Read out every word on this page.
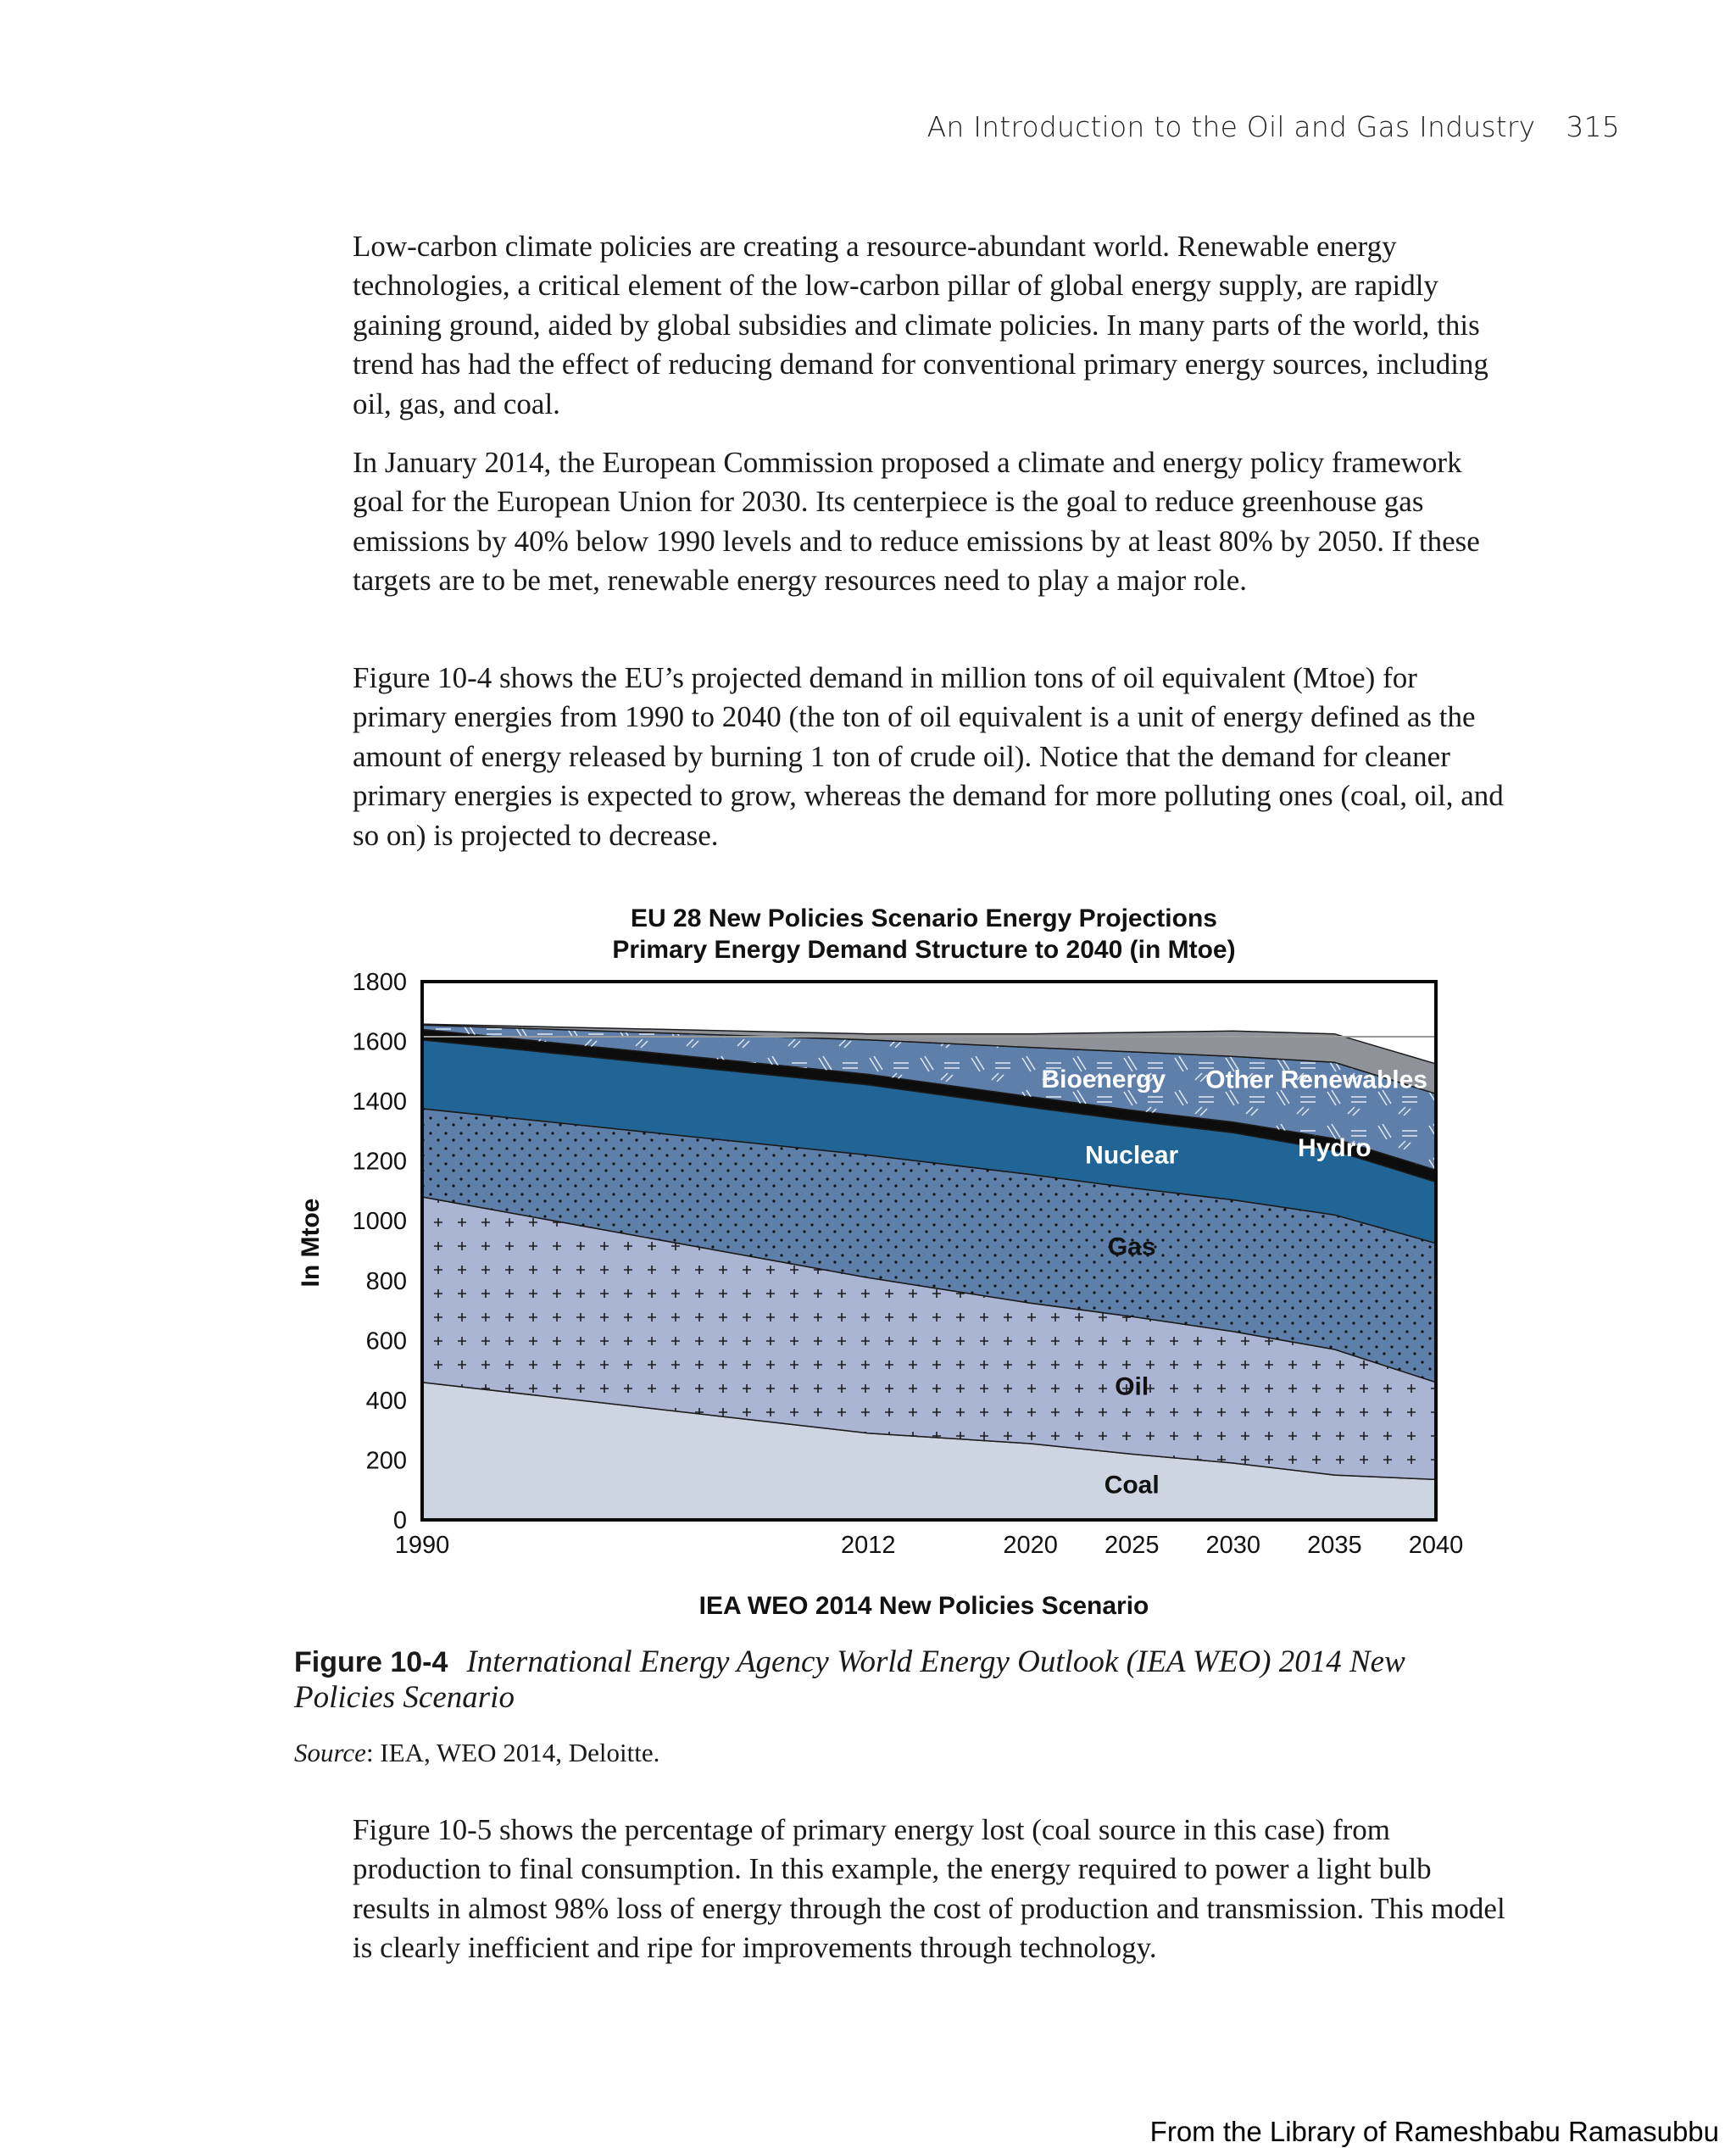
An Introduction to the Oil and Gas Industry 315

Low-carbon climate policies are creating a resource-abundant world. Renewable energy technologies, a critical element of the low-carbon pillar of global energy supply, are rapidly gaining ground, aided by global subsidies and climate policies. In many parts of the world, this trend has had the effect of reducing demand for conventional primary energy sources, including oil, gas, and coal.

In January 2014, the European Commission proposed a climate and energy policy framework goal for the European Union for 2030. Its centerpiece is the goal to reduce greenhouse gas emissions by 40% below 1990 levels and to reduce emissions by at least 80% by 2050. If these targets are to be met, renewable energy resources need to play a major role.

Figure 10-4 shows the EU’s projected demand in million tons of oil equivalent (Mtoe) for primary energies from 1990 to 2040 (the ton of oil equivalent is a unit of energy defined as the amount of energy released by burning 1 ton of crude oil). Notice that the demand for cleaner primary energies is expected to grow, whereas the demand for more polluting ones (coal, oil, and so on) is projected to decrease.

EU 28 New Policies Scenario Energy Projections
Primary Energy Demand Structure to 2040 (in Mtoe)
0
200
400
600
800
1000
1200
1400
1600
1800
1990	2012	2020 2025 2030 2035 2040
Coal
Oil
Gas
Nuclear	Hydro
Bioenergy Other Renewables
In Mtoe
IEA WEO 2014 New Policies Scenario
Figure 10-4 International Energy Agency World Energy Outlook (IEA WEO) 2014 New Policies Scenario
Source: IEA, WEO 2014, Deloitte.

Figure 10-5 shows the percentage of primary energy lost (coal source in this case) from production to final consumption. In this example, the energy required to power a light bulb results in almost 98% loss of energy through the cost of production and transmission. This model is clearly inefficient and ripe for improvements through technology.

From the Library of Rameshbabu Ramasubbu
